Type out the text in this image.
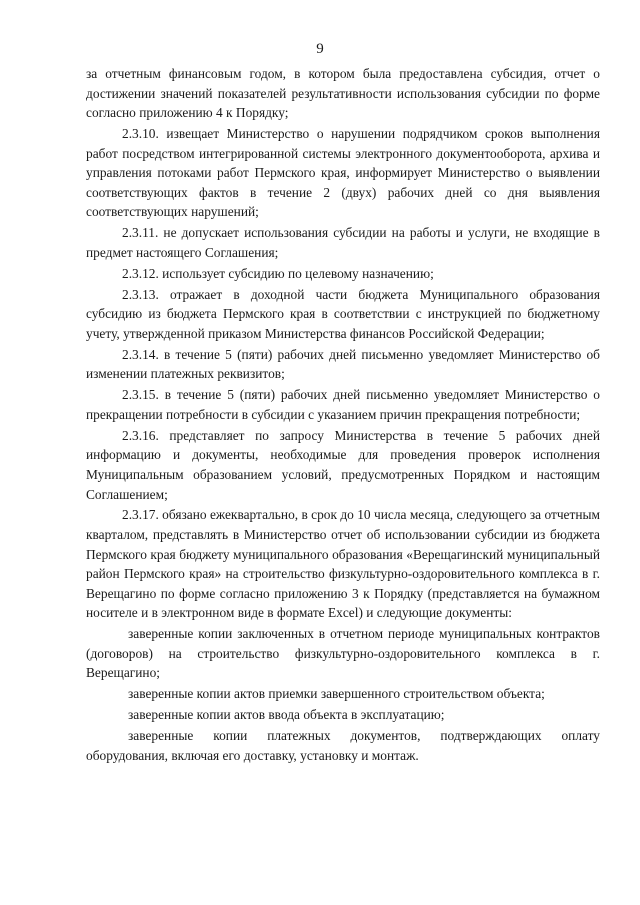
9

за отчетным финансовым годом, в котором была предоставлена субсидия, отчет о достижении значений показателей результативности использования субсидии по форме согласно приложению 4 к Порядку;

2.3.10. извещает Министерство о нарушении подрядчиком сроков выполнения работ посредством интегрированной системы электронного документооборота, архива и управления потоками работ Пермского края, информирует Министерство о выявлении соответствующих фактов в течение 2 (двух) рабочих дней со дня выявления соответствующих нарушений;

2.3.11. не допускает использования субсидии на работы и услуги, не входящие в предмет настоящего Соглашения;

2.3.12. использует субсидию по целевому назначению;

2.3.13. отражает в доходной части бюджета Муниципального образования субсидию из бюджета Пермского края в соответствии с инструкцией по бюджетному учету, утвержденной приказом Министерства финансов Российской Федерации;

2.3.14. в течение 5 (пяти) рабочих дней письменно уведомляет Министерство об изменении платежных реквизитов;

2.3.15. в течение 5 (пяти) рабочих дней письменно уведомляет Министерство о прекращении потребности в субсидии с указанием причин прекращения потребности;

2.3.16. представляет по запросу Министерства в течение 5 рабочих дней информацию и документы, необходимые для проведения проверок исполнения Муниципальным образованием условий, предусмотренных Порядком и настоящим Соглашением;

2.3.17. обязано ежеквартально, в срок до 10 числа месяца, следующего за отчетным кварталом, представлять в Министерство отчет об использовании субсидии из бюджета Пермского края бюджету муниципального образования «Верещагинский муниципальный район Пермского края» на строительство физкультурно-оздоровительного комплекса в г. Верещагино по форме согласно приложению 3 к Порядку (представляется на бумажном носителе и в электронном виде в формате Excel) и следующие документы:

заверенные копии заключенных в отчетном периоде муниципальных контрактов (договоров) на строительство физкультурно-оздоровительного комплекса в г. Верещагино;

заверенные копии актов приемки завершенного строительством объекта;

заверенные копии актов ввода объекта в эксплуатацию;

заверенные копии платежных документов, подтверждающих оплату оборудования, включая его доставку, установку и монтаж.
